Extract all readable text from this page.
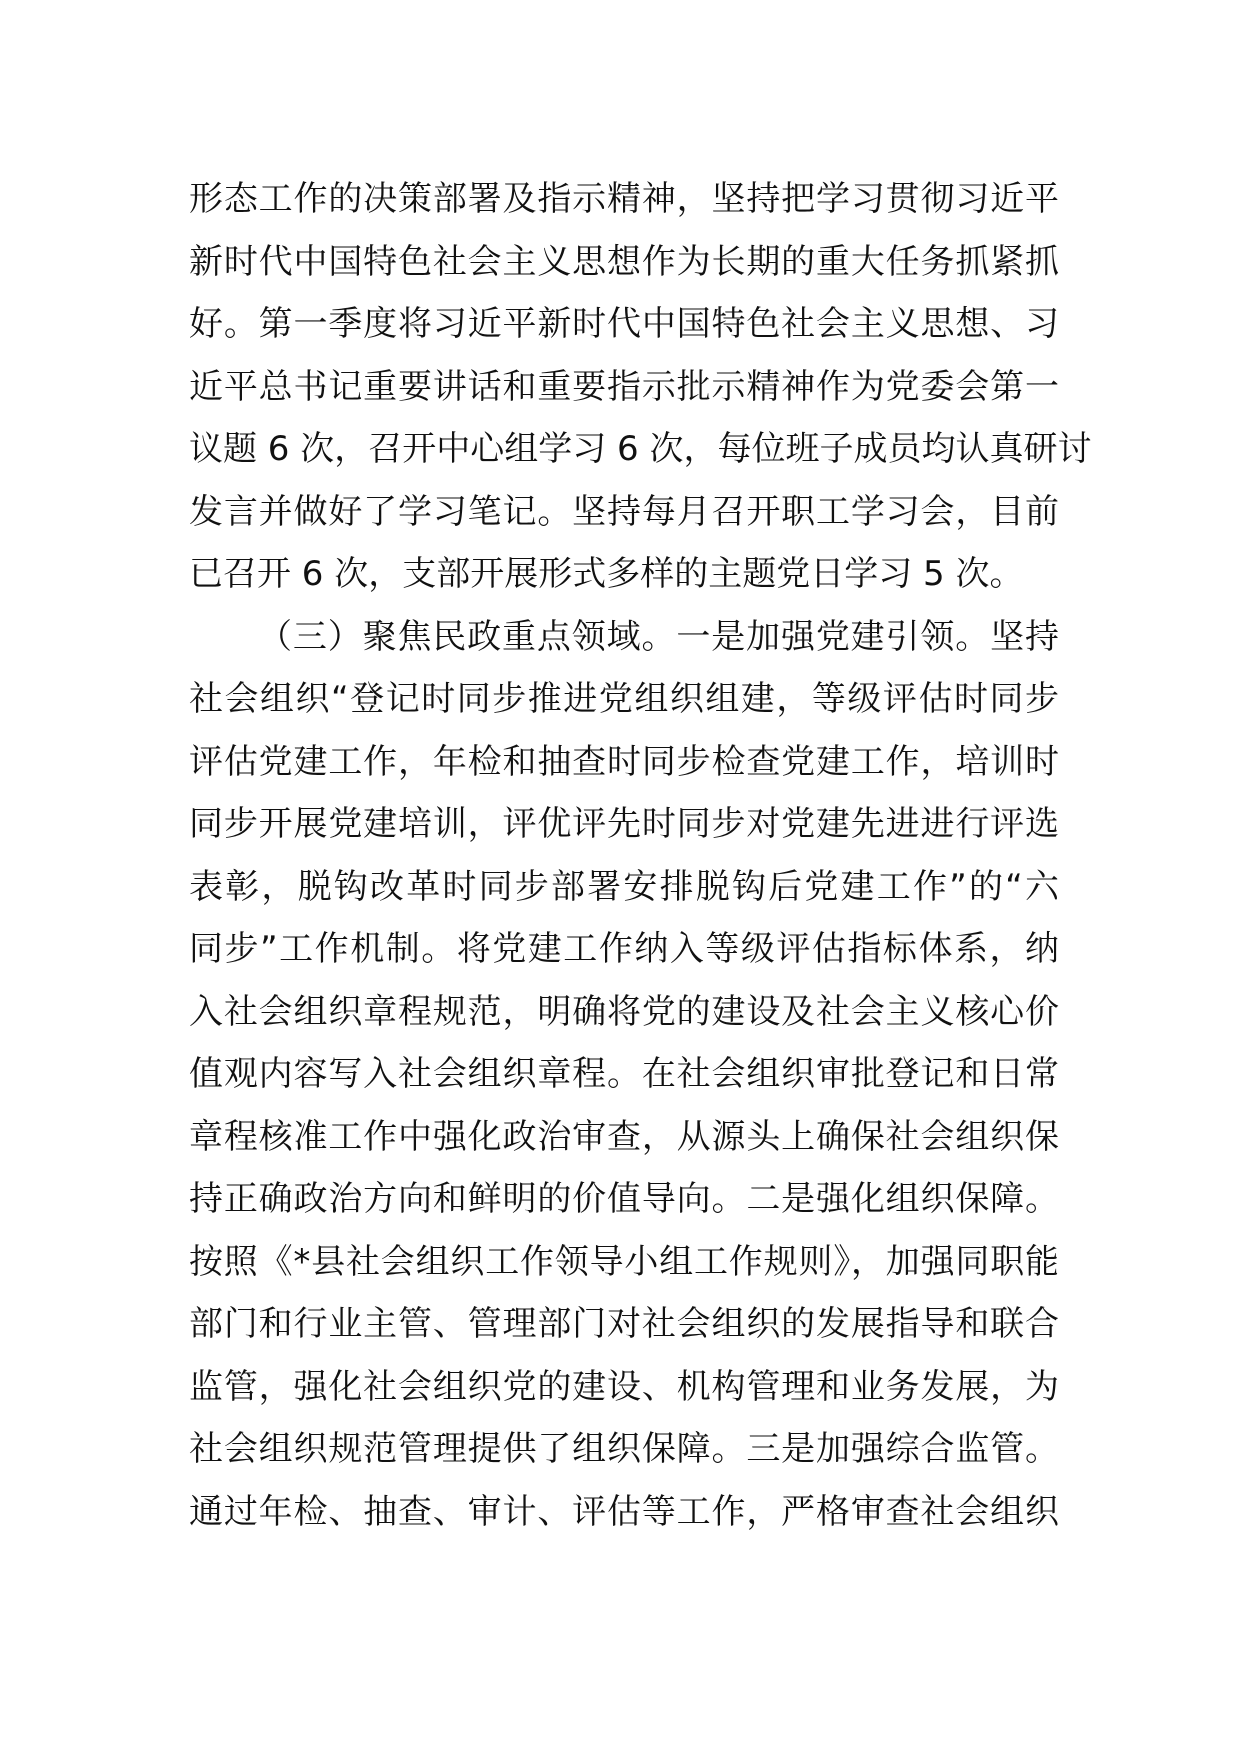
形态工作的决策部署及指示精神，坚持把学习贯彻习近平
新时代中国特色社会主义思想作为长期的重大任务抓紧抓
好。第一季度将习近平新时代中国特色社会主义思想、习
近平总书记重要讲话和重要指示批示精神作为党委会第一
议题 6 次，召开中心组学习 6 次，每位班子成员均认真研讨
发言并做好了学习笔记。坚持每月召开职工学习会，目前
已召开 6 次，支部开展形式多样的主题党日学习 5 次。
（三）聚焦民政重点领域。一是加强党建引领。坚持
社会组织“登记时同步推进党组织组建，等级评估时同步
评估党建工作，年检和抽查时同步检查党建工作，培训时
同步开展党建培训，评优评先时同步对党建先进进行评选
表彰，脱钩改革时同步部署安排脱钩后党建工作”的“六
同步”工作机制。将党建工作纳入等级评估指标体系，纳
入社会组织章程规范，明确将党的建设及社会主义核心价
值观内容写入社会组织章程。在社会组织审批登记和日常
章程核准工作中强化政治审查，从源头上确保社会组织保
持正确政治方向和鲜明的价值导向。二是强化组织保障。
按照《*县社会组织工作领导小组工作规则》，加强同职能
部门和行业主管、管理部门对社会组织的发展指导和联合
监管，强化社会组织党的建设、机构管理和业务发展，为
社会组织规范管理提供了组织保障。三是加强综合监管。
通过年检、抽查、审计、评估等工作，严格审查社会组织
